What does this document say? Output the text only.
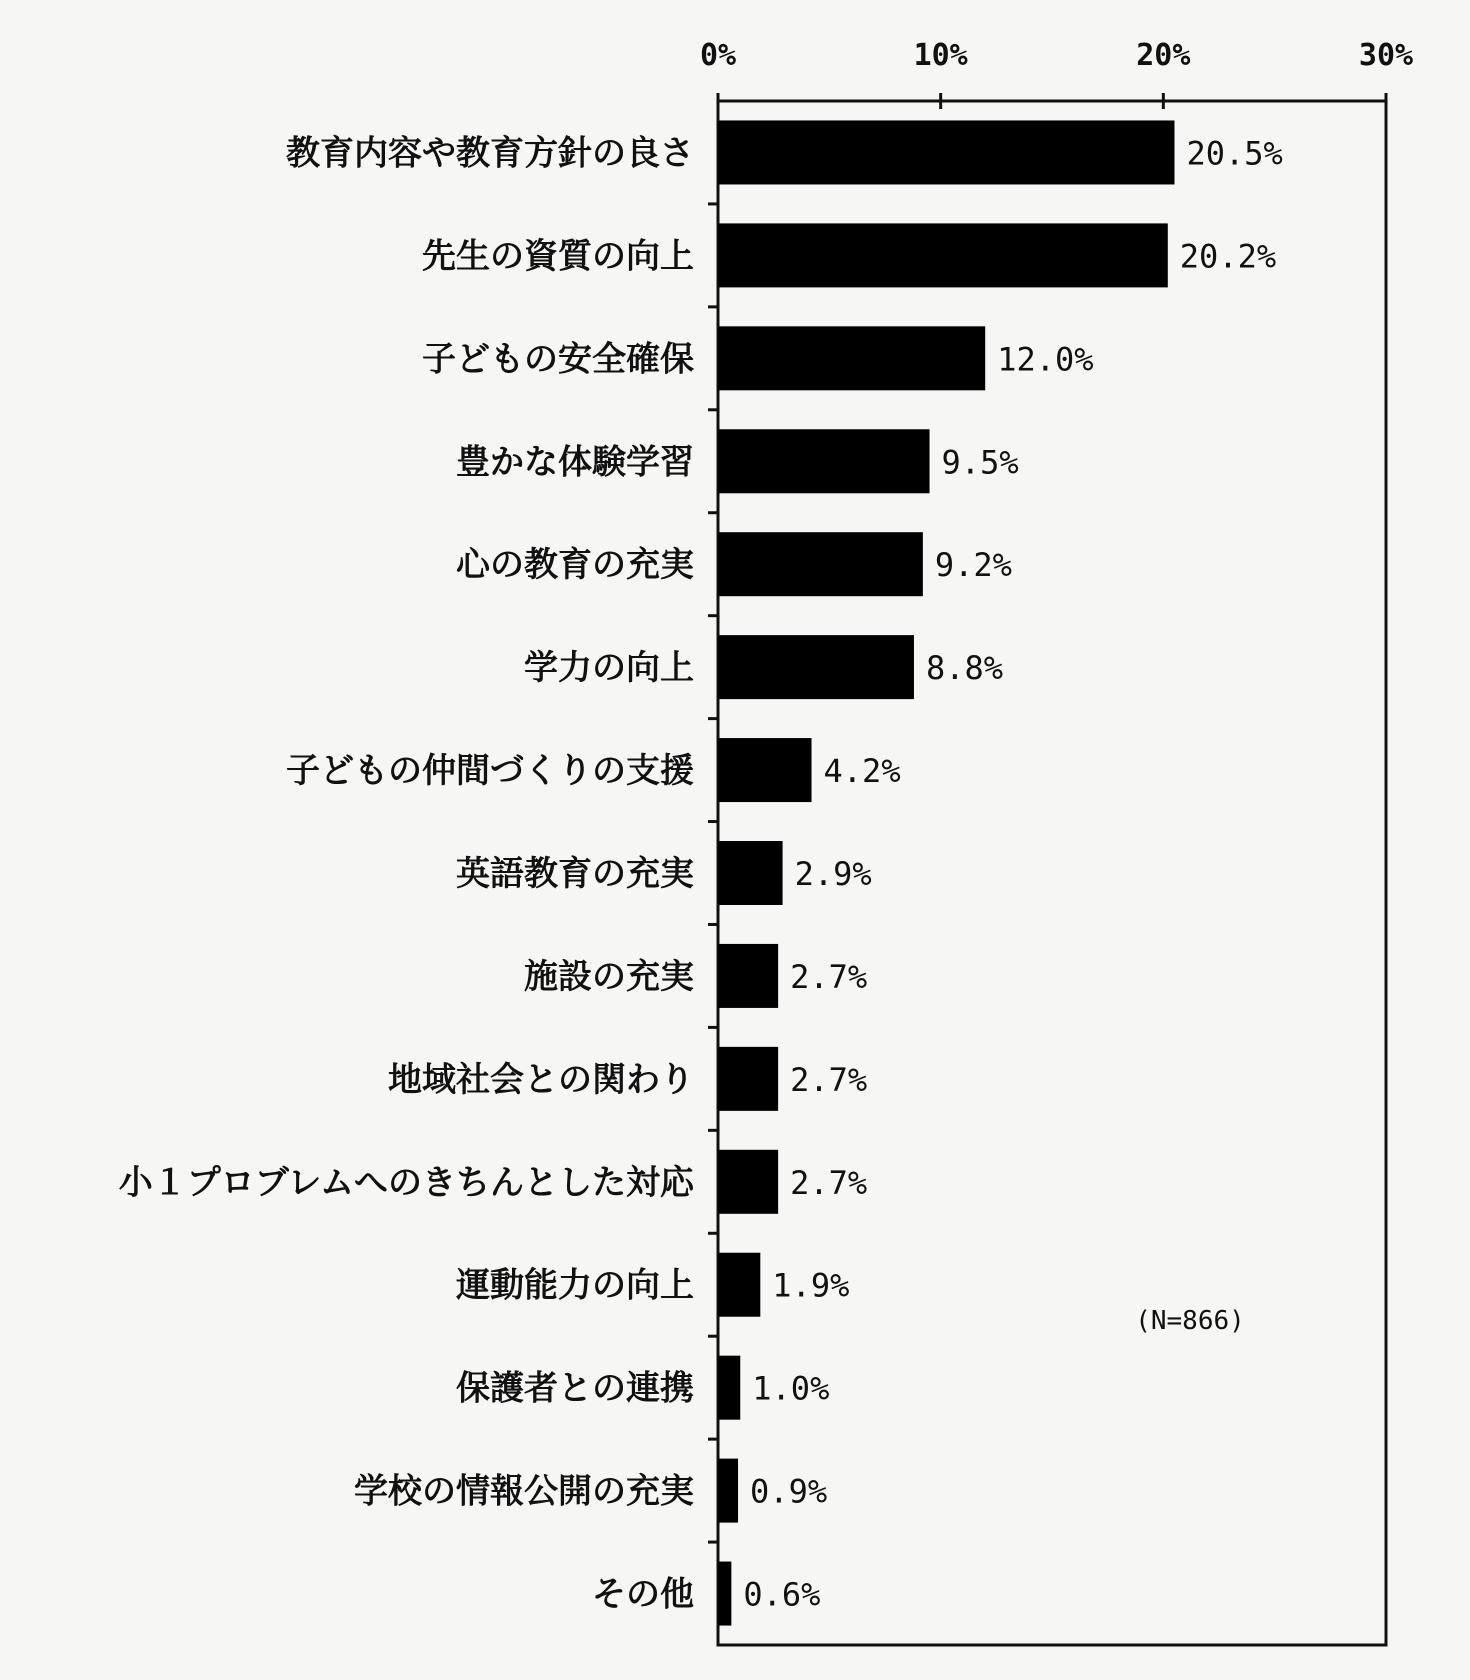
0%	10%	20%	30%
教育内容や教育方針の良さ
先生の資質の向上
子どもの安全確保
豊かな体験学習
心の教育の充実
学力の向上
子どもの仲間づくりの支援
英語教育の充実
施設の充実
地域社会との関わり
小１プロブレムへのきちんとした対応
運動能力の向上
保護者との連携
学校の情報公開の充実
その他
20.5%
20.2%
12.0%
9.5%
9.2%
8.8%
4.2%
2.9%
2.7%
2.7%
2.7%
1.9%
1.0%
0.9%
0.6%
(N=866)
